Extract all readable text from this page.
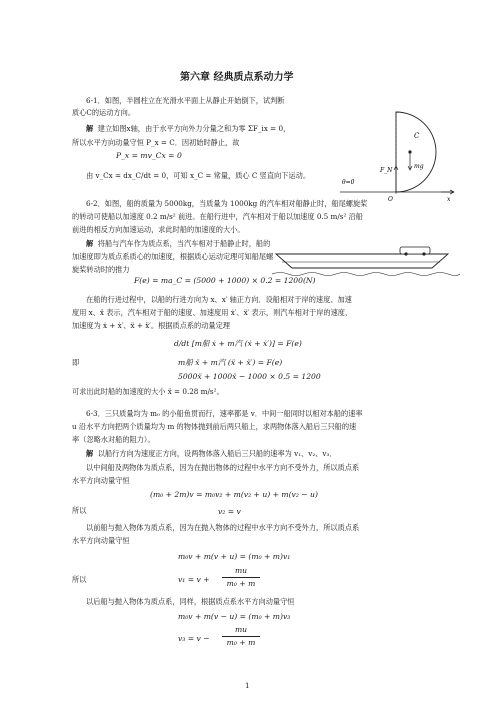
第六章 经典质点系动力学
6-1．如图，半圆柱立在光滑水平面上从静止开始倒下，试判断
质心C的运动方向。
解 建立如图x轴，由于水平方向外力分量之和为零 ΣF_ix = 0，
所以水平方向动量守恒 P_x = C．因初始时静止，故
P_x = mv_Cx = 0
由 v_Cx = dx_C/dt = 0，可知 x_C = 常量，质心 C 竖直向下运动。
C
F_N
mg
θ=0
O	x
6-2．如图，船的质量为 5000kg，当质量为 1000kg 的汽车相对船静止时，船尾螺旋桨
的转动可使船以加速度 0.2 m/s² 前进。在船行进中，汽车相对于船以加速度 0.5 m/s² 沿船
前进的相反方向加速运动，求此时船的加速度的大小。
解 将船与汽车作为质点系，当汽车相对于船静止时，船的
加速度即为质点系质心的加速度，根据质心运动定理可知船尾螺
旋桨转动时的推力
F(e) = ma_C = (5000 + 1000) × 0.2 = 1200(N)
在船的行进过程中，以船的行进方向为 x、x′ 轴正方向．设船相对于岸的速度、加速
度用 x、ẍ 表示，汽车相对于船的速度、加速度用 ẋ′、ẍ′ 表示，则汽车相对于岸的速度、
加速度为 ẋ + ẋ′、ẍ + ẍ′。根据质点系的动量定理
d/dt [m船 ẋ + m汽 (ẋ + ẋ′)] = F(e)
即	m船 ẍ + m汽 (ẍ + ẍ′) = F(e)
5000ẍ + 1000ẍ − 1000 × 0.5 = 1200
可求出此时船的加速度的大小 ẍ = 0.28 m/s²。
6-3．三只质量均为 m₀ 的小船鱼贯而行，速率都是 v．中间一船同时以相对本船的速率
u 沿水平方向把两个质量均为 m 的物体抛到前后两只船上，求两物体落入船后三只船的速
率（忽略水对船的阻力）。
解 以船行方向为速度正方向，设两物体落入船后三只船的速率为 v₁、v₂、v₃．
以中间船及两物体为质点系，因为在抛出物体的过程中水平方向不受外力，所以质点系
水平方向动量守恒
(m₀ + 2m)v = m₀v₂ + m(v₂ + u) + m(v₂ − u)
所以	v₂ = v
以前船与抛入物体为质点系，因为在抛入物体的过程中水平方向不受外力，所以质点系
水平方向动量守恒
m₀v + m(v + u) = (m₀ + m)v₁
所以	v₁ = v +
mu
m₀ + m
以后船与抛入物体为质点系，同样，根据质点系水平方向动量守恒
m₀v + m(v − u) = (m₀ + m)v₃
v₃ = v −
mu
m₀ + m
1
